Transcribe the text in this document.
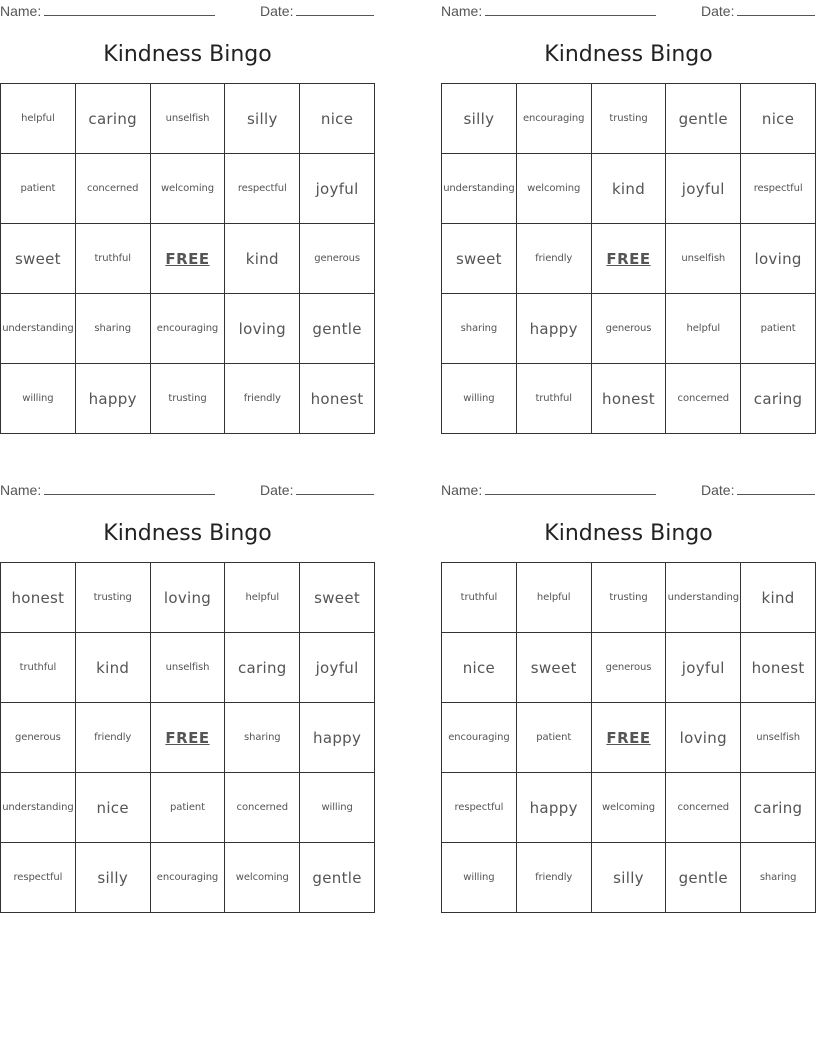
Name:	Date:
Kindness Bingo
helpful	caring	unselfish	silly	nice
patient	concerned	welcoming	respectful	joyful
sweet	truthful	FREE	kind	generous
understanding	sharing	encouraging	loving	gentle
willing	happy	trusting	friendly	honest
Name:	Date:
Kindness Bingo
silly	encouraging	trusting	gentle	nice
understanding	welcoming	kind	joyful	respectful
sweet	friendly	FREE	unselfish	loving
sharing	happy	generous	helpful	patient
willing	truthful	honest	concerned	caring
Name:	Date:
Kindness Bingo
honest	trusting	loving	helpful	sweet
truthful	kind	unselfish	caring	joyful
generous	friendly	FREE	sharing	happy
understanding	nice	patient	concerned	willing
respectful	silly	encouraging	welcoming	gentle
Name:	Date:
Kindness Bingo
truthful	helpful	trusting	understanding	kind
nice	sweet	generous	joyful	honest
encouraging	patient	FREE	loving	unselfish
respectful	happy	welcoming	concerned	caring
willing	friendly	silly	gentle	sharing
